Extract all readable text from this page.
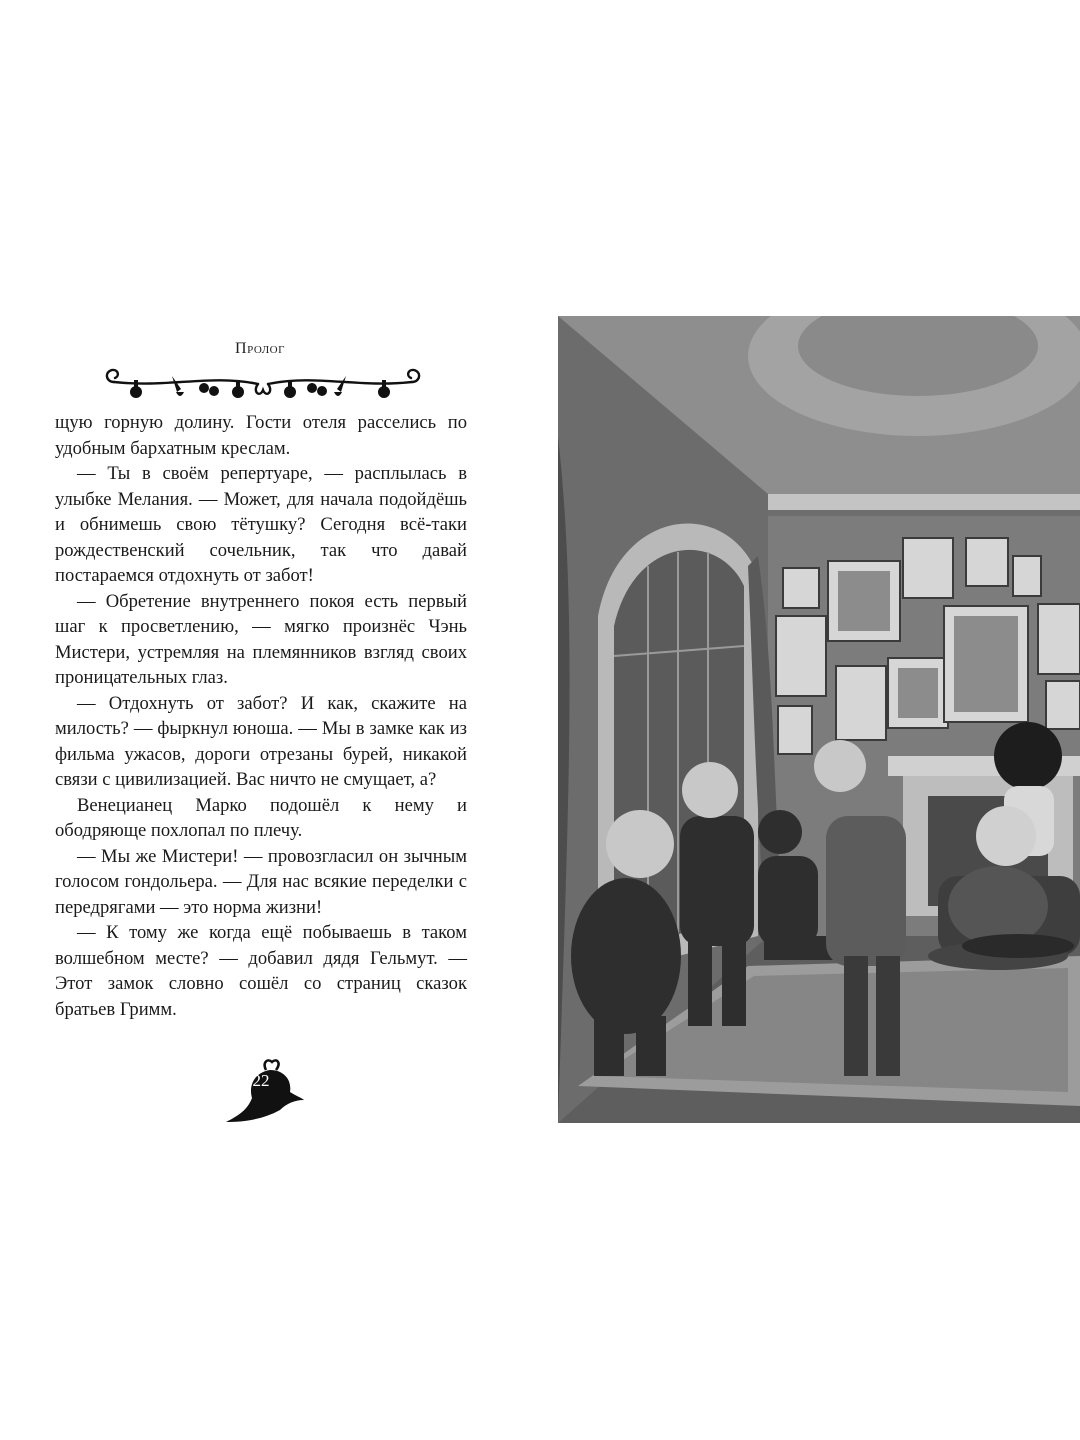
Пролог

щую горную долину. Гости отеля расселись по удобным бархатным креслам.

— Ты в своём репертуаре, — расплылась в улыбке Мелания. — Может, для начала подойдёшь и обнимешь свою тётушку? Сегодня всё-таки рождественский сочельник, так что давай постараемся отдохнуть от забот!

— Обретение внутреннего покоя есть первый шаг к просветлению, — мягко произнёс Чэнь Мистери, устремляя на племянников взгляд своих проницательных глаз.

— Отдохнуть от забот? И как, скажите на милость? — фыркнул юноша. — Мы в замке как из фильма ужасов, дороги отрезаны бурей, никакой связи с цивилизацией. Вас ничто не смущает, а?

Венецианец Марко подошёл к нему и ободряюще похлопал по плечу.

— Мы же Мистери! — провозгласил он зычным голосом гондольера. — Для нас всякие переделки с передрягами — это норма жизни!

— К тому же когда ещё побываешь в таком волшебном месте? — добавил дядя Гельмут. — Этот замок словно сошёл со страниц сказок братьев Гримм.

22
